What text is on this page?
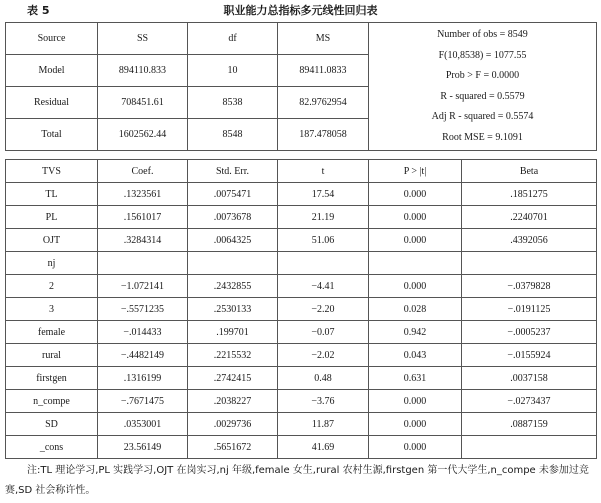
表 5	职业能力总指标多元线性回归表
Source	SS	df	MS	Number of obs = 8549
F(10,8538) = 1077.55
Prob > F = 0.0000
R - squared = 0.5579
Adj R - squared = 0.5574
Root MSE = 9.1091

Model	894110.833	10	89411.0833	
Residual	708451.61	8538	82.9762954	
Total	1602562.44	8548	187.478058	
TVS	Coef.	Std. Err.	t	P > |t|	Beta
TL	.1323561	.0075471	17.54	0.000	.1851275
PL	.1561017	.0073678	21.19	0.000	.2240701
OJT	.3284314	.0064325	51.06	0.000	.4392056
nj					
2	−1.072141	.2432855	−4.41	0.000	−.0379828
3	−.5571235	.2530133	−2.20	0.028	−.0191125
female	−.014433	.199701	−0.07	0.942	−.0005237
rural	−.4482149	.2215532	−2.02	0.043	−.0155924
firstgen	.1316199	.2742415	0.48	0.631	.0037158
n_compe	−.7671475	.2038227	−3.76	0.000	−.0273437
SD	.0353001	.0029736	11.87	0.000	.0887159
_cons	23.56149	.5651672	41.69	0.000	
注:TL 理论学习,PL 实践学习,OJT 在岗实习,nj 年级,female 女生,rural 农村生源,firstgen 第一代大学生,n_compe 未参加过竞赛,SD 社会称许性。
